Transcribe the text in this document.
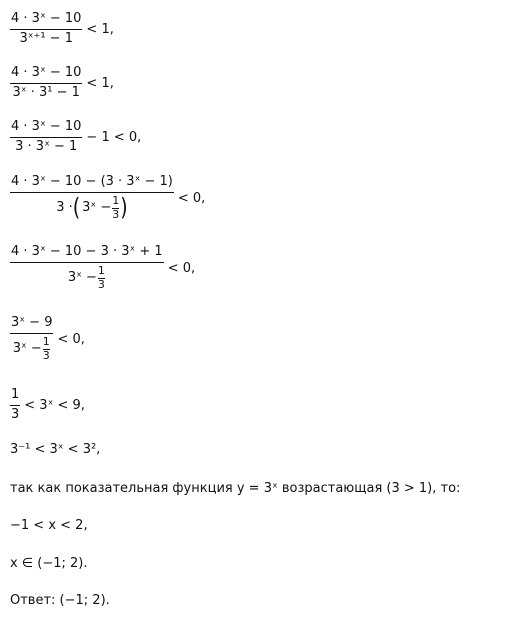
$\frac{\text{4 · 3ˣ − 10}}{\text{3ˣ⁺¹ − 1}} < 1$,
$\frac{\text{4 · 3ˣ − 10}}{\text{3ˣ · 3¹ − 1}} < 1$,
$\frac{\text{4 · 3ˣ − 10}}{\text{3 · 3ˣ − 1}} - 1 < 0$,
4 · 3ˣ − 10 − (3 · 3ˣ − 1)
3 · ( 3ˣ − $\frac{1}{3}$ )	< 0,
$\frac{\text{4 · 3ˣ − 10 − 3 · 3ˣ + 1}}{3ˣ - \frac{1}{3}} < 0$,
$\frac{\text{3ˣ − 9}}{3ˣ - \frac{1}{3}} < 0$,
$\frac{1}{3}$ < 3ˣ < 9,
3⁻¹ < 3ˣ < 3²,
так как показательная функция y = 3ˣ возрастающая (3 > 1), то:
−1 < x < 2,
x ∈ (−1; 2).
Ответ: (−1; 2).
